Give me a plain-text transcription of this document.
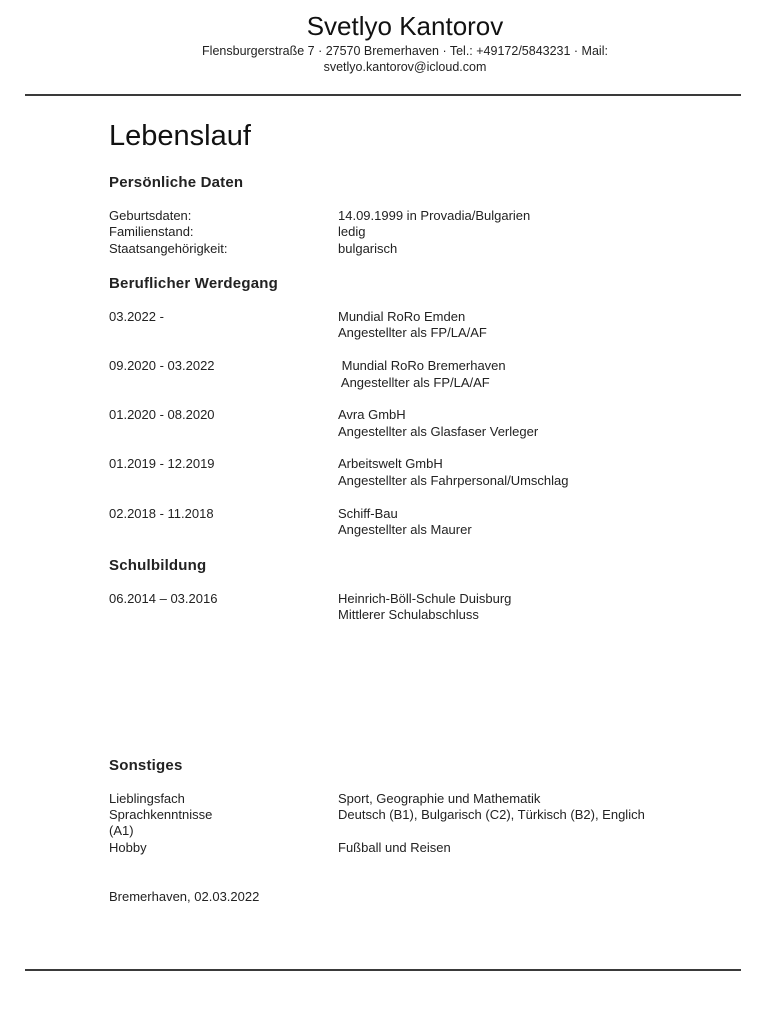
Svetlyo Kantorov
Flensburgerstraße 7 · 27570 Bremerhaven · Tel.: +49172/5843231 · Mail:
svetlyo.kantorov@icloud.com
Lebenslauf
Persönliche Daten
Geburtsdaten:	14.09.1999 in Provadia/Bulgarien
Familienstand:	ledig
Staatsangehörigkeit:	bulgarisch
Beruflicher Werdegang
03.2022 -	Mundial RoRo Emden
Angestellter als FP/LA/AF
09.2020 - 03.2022	Mundial RoRo Bremerhaven
Angestellter als FP/LA/AF
01.2020 - 08.2020	Avra GmbH
Angestellter als Glasfaser Verleger
01.2019 - 12.2019	Arbeitswelt GmbH
Angestellter als Fahrpersonal/Umschlag
02.2018 - 11.2018	Schiff-Bau
Angestellter als Maurer
Schulbildung
06.2014 – 03.2016	Heinrich-Böll-Schule Duisburg
Mittlerer Schulabschluss
Sonstiges
Lieblingsfach	Sport, Geographie und Mathematik
Sprachkenntnisse	Deutsch (B1), Bulgarisch (C2), Türkisch (B2), Englich
(A1)
Hobby	Fußball und Reisen
Bremerhaven, 02.03.2022
